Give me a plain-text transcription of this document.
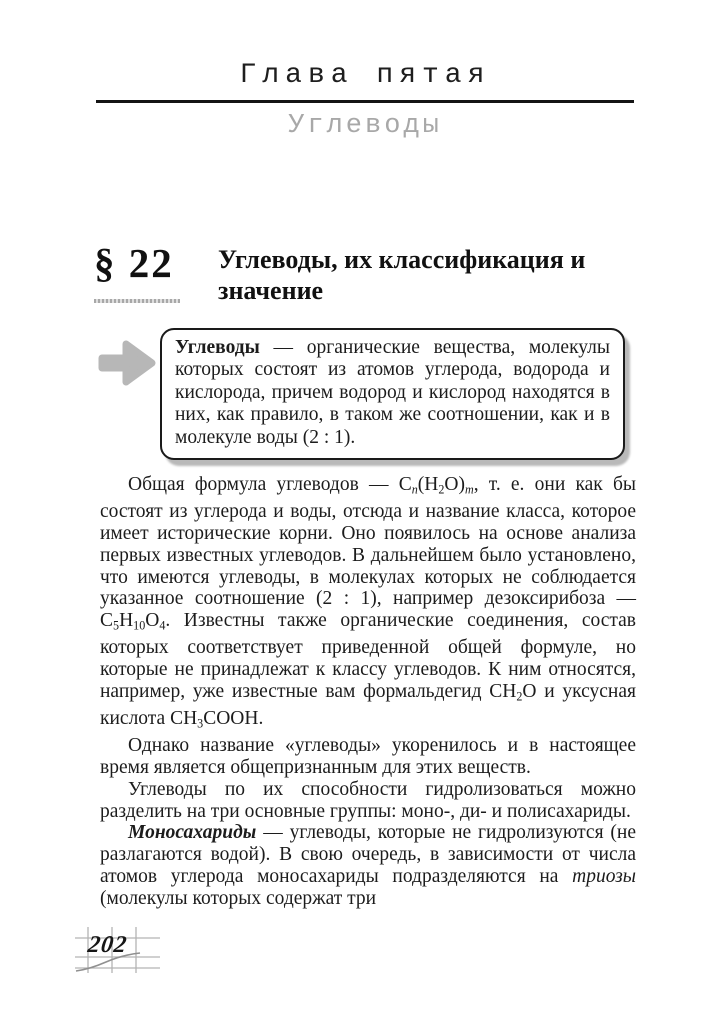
Глава пятая
Углеводы
§ 22 Углеводы, их классификация и значение

Углеводы — органические вещества, молекулы которых состоят из атомов углерода, водорода и кислорода, причем водород и кислород находятся в них, как правило, в таком же соотношении, как и в молекуле воды (2 : 1).

Общая формула углеводов — Cn(H2O)m, т. е. они как бы состоят из углерода и воды, отсюда и название класса, которое имеет исторические корни. Оно появилось на основе анализа первых известных углеводов. В дальнейшем было установлено, что имеются углеводы, в молекулах которых не соблюдается указанное соотношение (2 : 1), например дезоксирибоза — C5H10O4. Известны также органические соединения, состав которых соответствует приведенной общей формуле, но которые не принадлежат к классу углеводов. К ним относятся, например, уже известные вам формальдегид CH2O и уксусная кислота CH3COOH.

Однако название «углеводы» укоренилось и в настоящее время является общепризнанным для этих веществ.

Углеводы по их способности гидролизоваться можно разделить на три основные группы: моно-, ди- и полисахариды.

Моносахариды — углеводы, которые не гидролизуются (не разлагаются водой). В свою очередь, в зависимости от числа атомов углерода моносахариды подразделяются на триозы (молекулы которых содержат три

202
